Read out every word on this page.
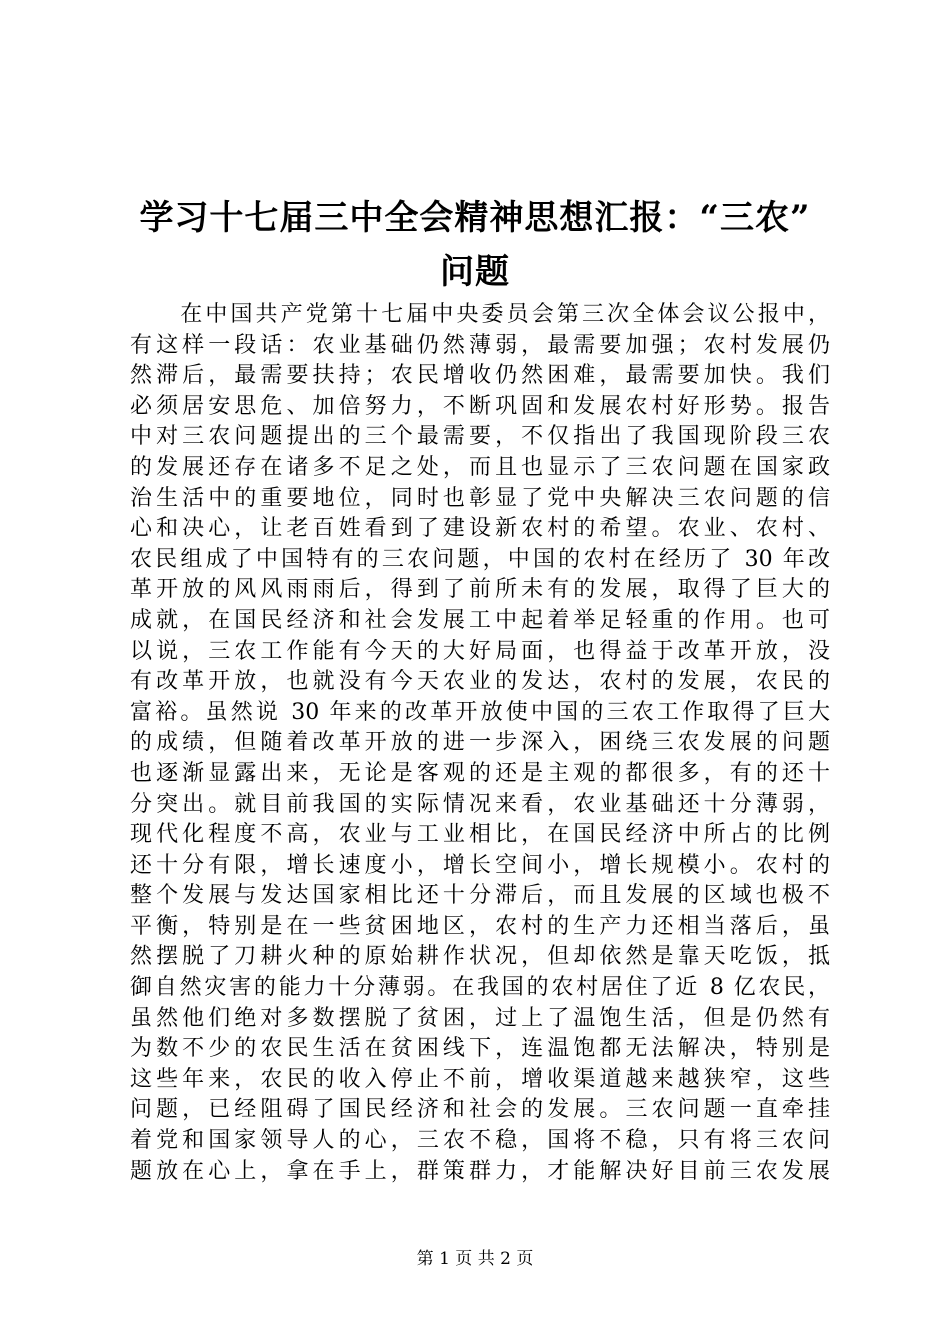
学习十七届三中全会精神思想汇报：“三农”
问题
　　在中国共产党第十七届中央委员会第三次全体会议公报中，
有这样一段话：农业基础仍然薄弱，最需要加强；农村发展仍
然滞后，最需要扶持；农民增收仍然困难，最需要加快。我们
必须居安思危、加倍努力，不断巩固和发展农村好形势。报告
中对三农问题提出的三个最需要，不仅指出了我国现阶段三农
的发展还存在诸多不足之处，而且也显示了三农问题在国家政
治生活中的重要地位，同时也彰显了党中央解决三农问题的信
心和决心，让老百姓看到了建设新农村的希望。农业、农村、
农民组成了中国特有的三农问题，中国的农村在经历了 30 年改
革开放的风风雨雨后，得到了前所未有的发展，取得了巨大的
成就，在国民经济和社会发展工中起着举足轻重的作用。也可
以说，三农工作能有今天的大好局面，也得益于改革开放，没
有改革开放，也就没有今天农业的发达，农村的发展，农民的
富裕。虽然说 30 年来的改革开放使中国的三农工作取得了巨大
的成绩，但随着改革开放的进一步深入，困绕三农发展的问题
也逐渐显露出来，无论是客观的还是主观的都很多，有的还十
分突出。就目前我国的实际情况来看，农业基础还十分薄弱，
现代化程度不高，农业与工业相比，在国民经济中所占的比例
还十分有限，增长速度小，增长空间小，增长规模小。农村的
整个发展与发达国家相比还十分滞后，而且发展的区域也极不
平衡，特别是在一些贫困地区，农村的生产力还相当落后，虽
然摆脱了刀耕火种的原始耕作状况，但却依然是靠天吃饭，抵
御自然灾害的能力十分薄弱。在我国的农村居住了近 8 亿农民，
虽然他们绝对多数摆脱了贫困，过上了温饱生活，但是仍然有
为数不少的农民生活在贫困线下，连温饱都无法解决，特别是
这些年来，农民的收入停止不前，增收渠道越来越狭窄，这些
问题，已经阻碍了国民经济和社会的发展。三农问题一直牵挂
着党和国家领导人的心，三农不稳，国将不稳，只有将三农问
题放在心上，拿在手上，群策群力，才能解决好目前三农发展
第 1 页 共 2 页
